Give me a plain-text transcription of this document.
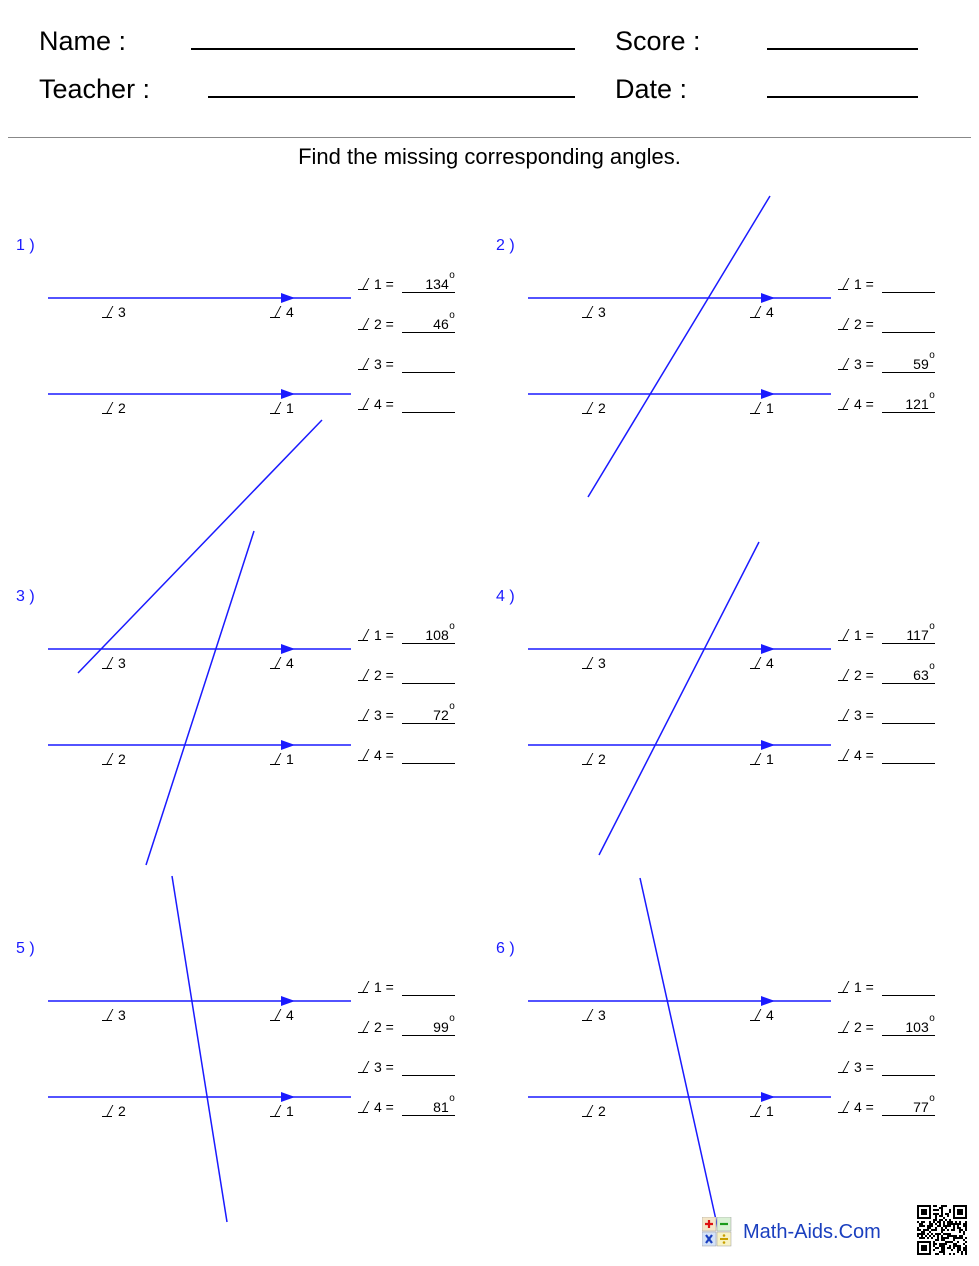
Name :
Teacher :
Score :
Date :
Find the missing corresponding angles.
1 )
3	4
2	1
1 = 134
o
2 =	46
o
3 =
4 =
2 )
3	4
2	1
1 =
2 =
3 =	59
o
4 = 121
o
3 )
3	4
2	1
1 = 108
o
2 =
3 =	72
o
4 =
4 )
3	4
2	1
1 = 117
o
2 =	63
o
3 =
4 =
5 )
3	4
2	1
1 =
2 =	99
o
3 =
4 =	81
o
6 )
3	4
2	1
1 =
2 = 103
o
3 =
4 =	77
o
Math-Aids.Com
